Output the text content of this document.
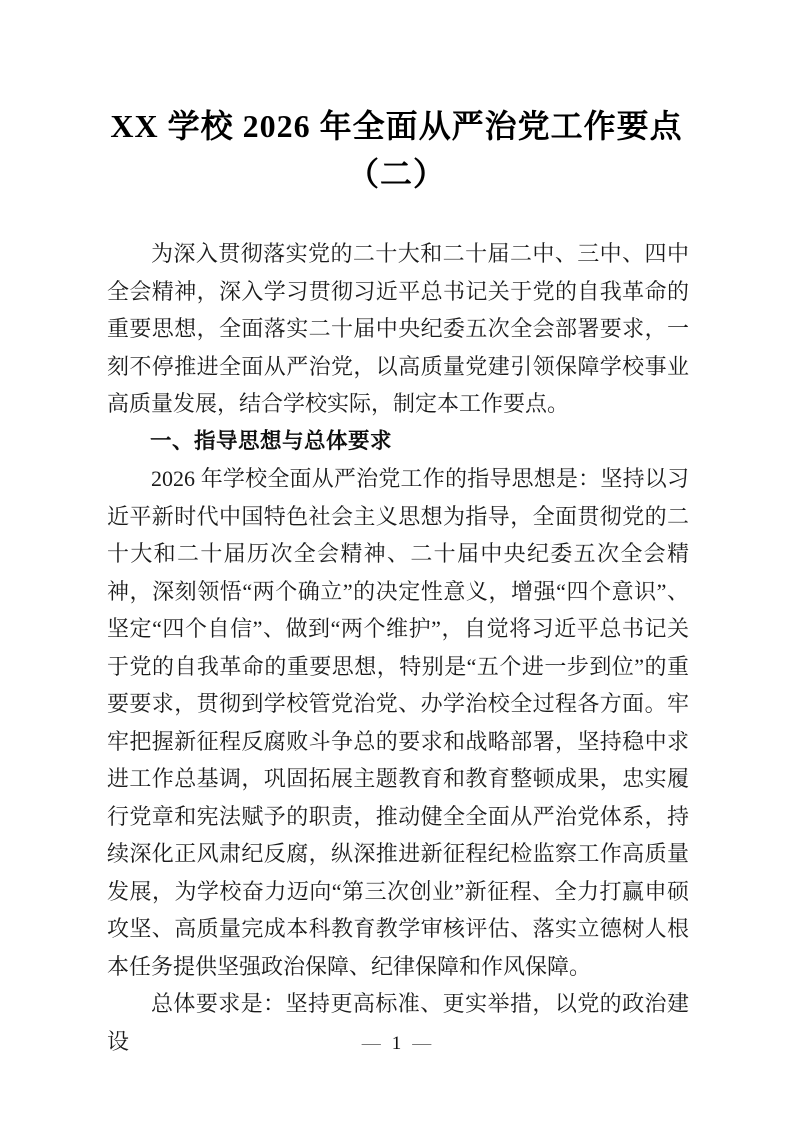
XX 学校 2026 年全面从严治党工作要点
（二）

为深入贯彻落实党的二十大和二十届二中、三中、四中全会精神，深入学习贯彻习近平总书记关于党的自我革命的重要思想，全面落实二十届中央纪委五次全会部署要求，一刻不停推进全面从严治党，以高质量党建引领保障学校事业高质量发展，结合学校实际，制定本工作要点。

一、指导思想与总体要求

2026 年学校全面从严治党工作的指导思想是：坚持以习近平新时代中国特色社会主义思想为指导，全面贯彻党的二十大和二十届历次全会精神、二十届中央纪委五次全会精神，深刻领悟“两个确立”的决定性意义，增强“四个意识”、坚定“四个自信”、做到“两个维护”，自觉将习近平总书记关于党的自我革命的重要思想，特别是“五个进一步到位”的重要要求，贯彻到学校管党治党、办学治校全过程各方面。牢牢把握新征程反腐败斗争总的要求和战略部署，坚持稳中求进工作总基调，巩固拓展主题教育和教育整顿成果，忠实履行党章和宪法赋予的职责，推动健全全面从严治党体系，持续深化正风肃纪反腐，纵深推进新征程纪检监察工作高质量发展，为学校奋力迈向“第三次创业”新征程、全力打赢申硕攻坚、高质量完成本科教育教学审核评估、落实立德树人根本任务提供坚强政治保障、纪律保障和作风保障。

总体要求是：坚持更高标准、更实举措，以党的政治建设	— 1 —
